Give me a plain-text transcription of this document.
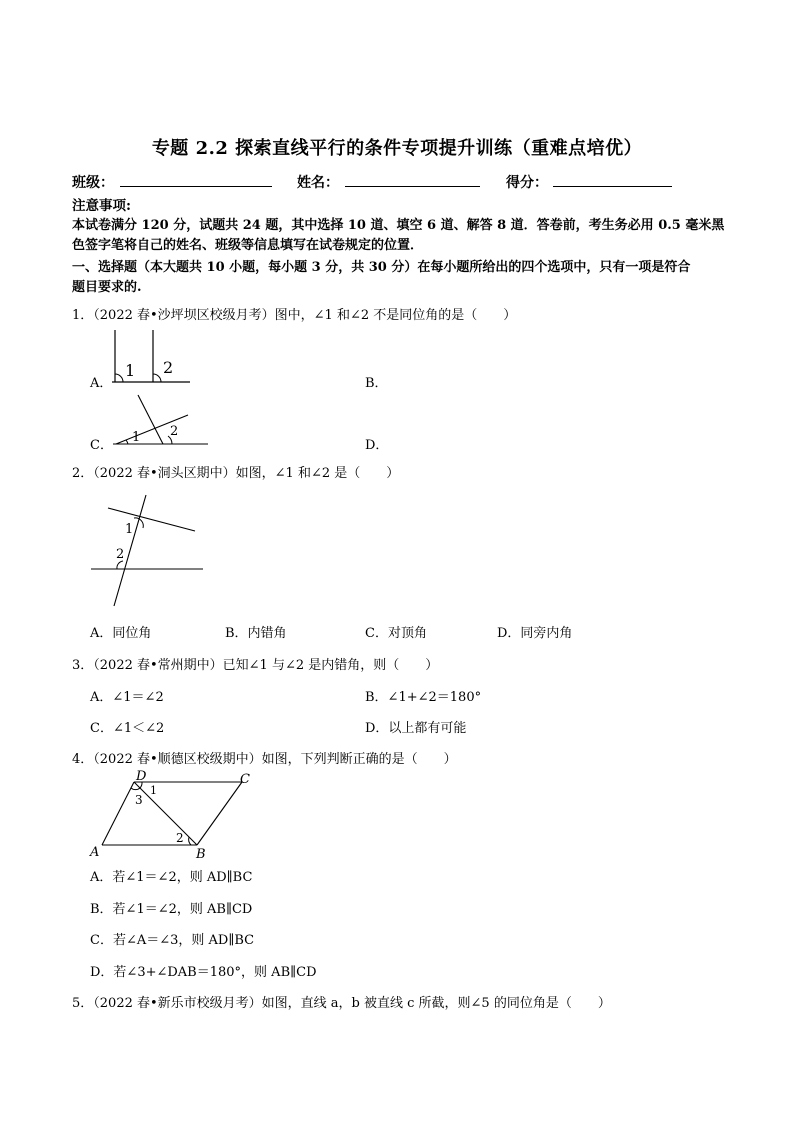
专题 2.2 探索直线平行的条件专项提升训练（重难点培优）
班级：	姓名：	得分：
注意事项:
本试卷满分 120 分，试题共 24 题，其中选择 10 道、填空 6 道、解答 8 道．答卷前，考生务必用 0.5 毫米黑
色签字笔将自己的姓名、班级等信息填写在试卷规定的位置．
一、选择题（本大题共 10 小题，每小题 3 分，共 30 分）在每小题所给出的四个选项中，只有一项是符合
题目要求的.
1．（2022 春•沙坪坝区校级月考）图中，∠1 和∠2 不是同位角的是（　　）
A．
1 2
B．
C．
1 2
D．
2．（2022 春•洞头区期中）如图，∠1 和∠2 是（　　）
1
2
A．同位角	B．内错角	C．对顶角	D．同旁内角
3．（2022 春•常州期中）已知∠1 与∠2 是内错角，则（　　）
A．∠1＝∠2	B．∠1+∠2＝180°
C．∠1＜∠2	D．以上都有可能
4．（2022 春•顺德区校级期中）如图，下列判断正确的是（　　）
D	C
A	B
1
2
3
A．若∠1＝∠2，则 AD∥BC
B．若∠1＝∠2，则 AB∥CD
C．若∠A＝∠3，则 AD∥BC
D．若∠3+∠DAB＝180°，则 AB∥CD
5．（2022 春•新乐市校级月考）如图，直线 a，b 被直线 c 所截，则∠5 的同位角是（　　）
